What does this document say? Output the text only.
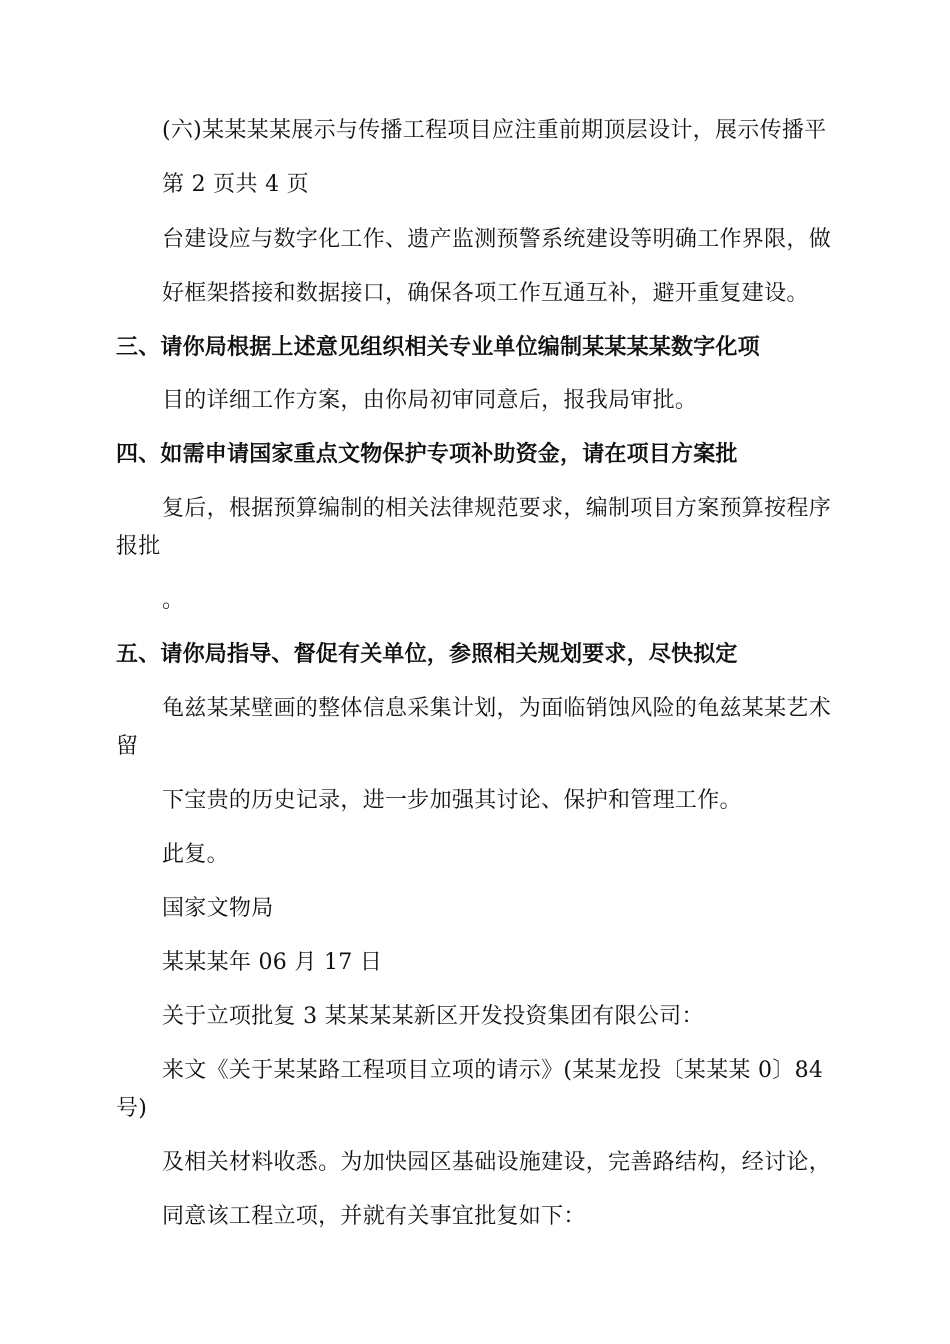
(六)某某某某展示与传播工程项目应注重前期顶层设计，展示传播平
第 2 页共 4 页
台建设应与数字化工作、遗产监测预警系统建设等明确工作界限，做
好框架搭接和数据接口，确保各项工作互通互补，避开重复建设。
三、请你局根据上述意见组织相关专业单位编制某某某某数字化项
目的详细工作方案，由你局初审同意后，报我局审批。
四、如需申请国家重点文物保护专项补助资金，请在项目方案批
复后，根据预算编制的相关法律规范要求，编制项目方案预算按程序
报批
。
五、请你局指导、督促有关单位，参照相关规划要求，尽快拟定
龟兹某某壁画的整体信息采集计划，为面临销蚀风险的龟兹某某艺术
留
下宝贵的历史记录，进一步加强其讨论、保护和管理工作。
此复。
国家文物局
某某某年 06 月 17 日
关于立项批复 3 某某某某新区开发投资集团有限公司：
来文《关于某某路工程项目立项的请示》(某某龙投〔某某某 0〕84
号)
及相关材料收悉。为加快园区基础设施建设，完善路结构，经讨论，
同意该工程立项，并就有关事宜批复如下：
